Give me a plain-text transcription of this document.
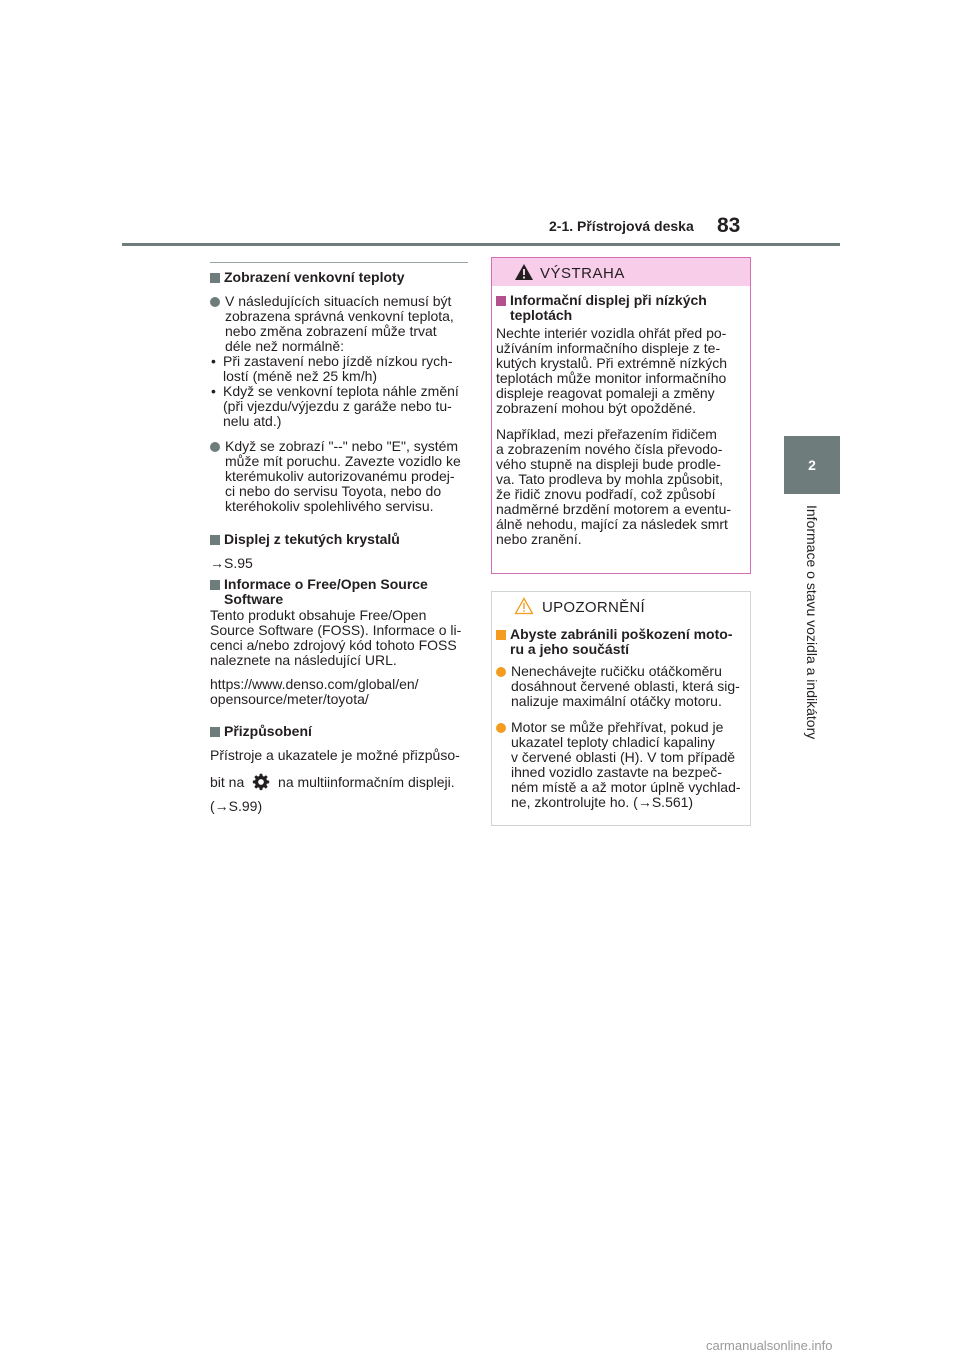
2-1. Přístrojová deska 83
2
Informace o stavu vozidla a indikátory
Zobrazení venkovní teploty
V následujících situacích nemusí být
zobrazena správná venkovní teplota,
nebo změna zobrazení může trvat
déle než normálně:
• Při zastavení nebo jízdě nízkou rych-
lostí (méně než 25 km/h)
• Když se venkovní teplota náhle změní
(při vjezdu/výjezdu z garáže nebo tu-
nelu atd.)
Když se zobrazí "--" nebo "E", systém
může mít poruchu. Zavezte vozidlo ke
kterémukoliv autorizovanému prodej-
ci nebo do servisu Toyota, nebo do
kteréhokoliv spolehlivého servisu.
Displej z tekutých krystalů
→S.95
Informace o Free/Open Source
Software
Tento produkt obsahuje Free/Open
Source Software (FOSS). Informace o li-
cenci a/nebo zdrojový kód tohoto FOSS
naleznete na následující URL.
https://www.denso.com/global/en/
opensource/meter/toyota/
Přizpůsobení
Přístroje a ukazatele je možné přizpůso-
bit na na multiinformačním displeji.
(→S.99)
VÝSTRAHA
Informační displej při nízkých
teplotách
Nechte interiér vozidla ohřát před po-
užíváním informačního displeje z te-
kutých krystalů. Při extrémně nízkých
teplotách může monitor informačního
displeje reagovat pomaleji a změny
zobrazení mohou být opožděné.
Například, mezi přeřazením řidičem
a zobrazením nového čísla převodo-
vého stupně na displeji bude prodle-
va. Tato prodleva by mohla způsobit,
že řidič znovu podřadí, což způsobí
nadměrné brzdění motorem a eventu-
álně nehodu, mající za následek smrt
nebo zranění.
UPOZORNĚNÍ
Abyste zabránili poškození moto-
ru a jeho součástí
Nenechávejte ručičku otáčkoměru
dosáhnout červené oblasti, která sig-
nalizuje maximální otáčky motoru.
Motor se může přehřívat, pokud je
ukazatel teploty chladicí kapaliny
v červené oblasti (H). V tom případě
ihned vozidlo zastavte na bezpeč-
ném místě a až motor úplně vychlad-
ne, zkontrolujte ho. (→S.561)
carmanualsonline.info
